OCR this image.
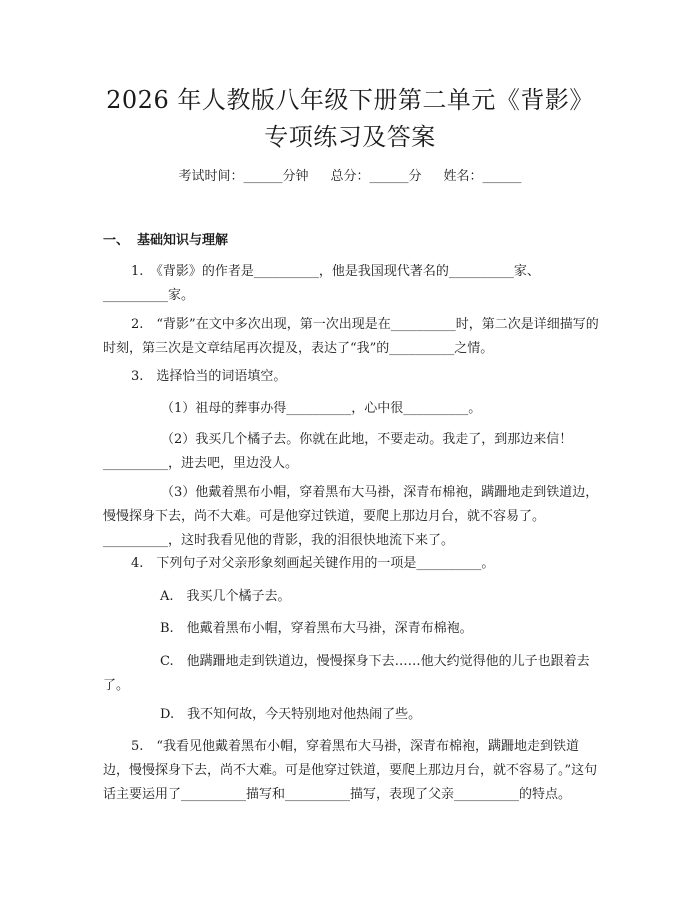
2026 年人教版八年级下册第二单元《背影》
专项练习及答案
考试时间：______分钟 总分：______分 姓名：______
一、 基础知识与理解
1.　《背影》的作者是__________，他是我国现代著名的__________家、__________家。
2.　“背影”在文中多次出现，第一次出现是在__________时，第二次是详细描写的时刻，第三次是文章结尾再次提及，表达了“我”的__________之情。
3.　选择恰当的词语填空。
（1）祖母的葬事办得__________，心中很__________。
（2）我买几个橘子去。你就在此地，不要走动。我走了，到那边来信！__________，进去吧，里边没人。
（3）他戴着黑布小帽，穿着黑布大马褂，深青布棉袍，蹒跚地走到铁道边，慢慢探身下去，尚不大难。可是他穿过铁道，要爬上那边月台，就不容易了。__________，这时我看见他的背影，我的泪很快地流下来了。
4.　下列句子对父亲形象刻画起关键作用的一项是__________。
A.　我买几个橘子去。
B.　他戴着黑布小帽，穿着黑布大马褂，深青布棉袍。
C.　他蹒跚地走到铁道边，慢慢探身下去……他大约觉得他的儿子也跟着去了。
D.　我不知何故，今天特别地对他热闹了些。
5.　“我看见他戴着黑布小帽，穿着黑布大马褂，深青布棉袍，蹒跚地走到铁道边，慢慢探身下去，尚不大难。可是他穿过铁道，要爬上那边月台，就不容易了。”这句话主要运用了__________描写和__________描写，表现了父亲__________的特点。
